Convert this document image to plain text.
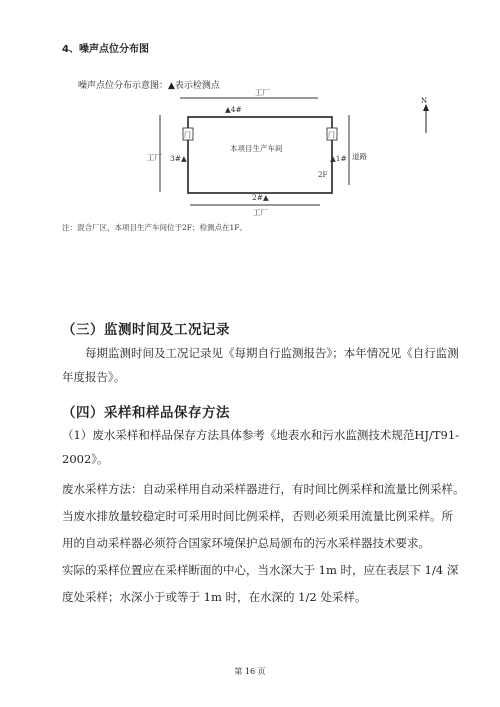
4、噪声点位分布图
噪声点位分布示意图：▲表示检测点
工厂
工厂	道路
门	门
本项目生产车间
2F
▲4#
3#▲	▲1#
2#▲
工厂
N
注：混合厂区，本项目生产车间位于2F；检测点在1F。
（三）监测时间及工况记录
每期监测时间及工况记录见《每期自行监测报告》；本年情况见《自行监测年度报告》。
（四）采样和样品保存方法
（1）废水采样和样品保存方法具体参考《地表水和污水监测技术规范HJ/T91-2002》。
废水采样方法：自动采样用自动采样器进行，有时间比例采样和流量比例采样。
当废水排放量较稳定时可采用时间比例采样，否则必须采用流量比例采样。所
用的自动采样器必须符合国家环境保护总局颁布的污水采样器技术要求。
实际的采样位置应在采样断面的中心，当水深大于 1m 时，应在表层下 1/4 深
度处采样；水深小于或等于 1m 时，在水深的 1/2 处采样。
第 16 页
